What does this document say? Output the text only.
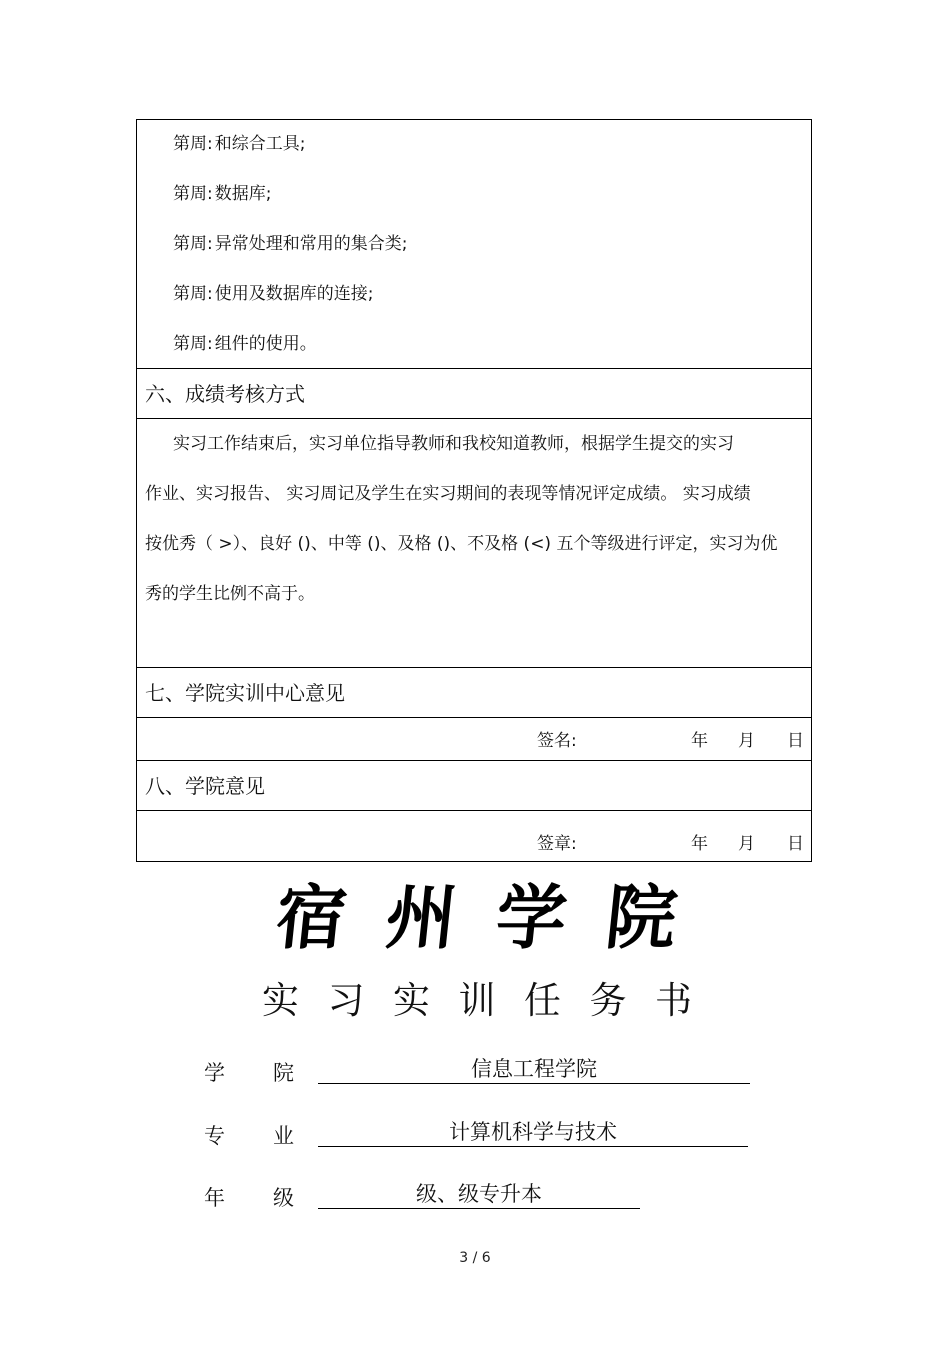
第周: 和综合工具;
第周: 数据库;
第周: 异常处理和常用的集合类;
第周: 使用及数据库的连接;
第周: 组件的使用。
六、成绩考核方式

实习工作结束后，实习单位指导教师和我校知道教师，根据学生提交的实习

作业、实习报告、 实习周记及学生在实习期间的表现等情况评定成绩。 实习成绩

按优秀（ >）、良好 ()、中等 ()、及格 ()、不及格 (<) 五个等级进行评定，实习为优

秀的学生比例不高于。

七、学院实训中心意见
签名:	年 月 日
八、学院意见
签章:	年 月 日
宿 州 学 院
实 习 实 训 任 务 书
学 院	信息工程学院
专 业	计算机科学与技术
年 级	级、级专升本
3 / 6
